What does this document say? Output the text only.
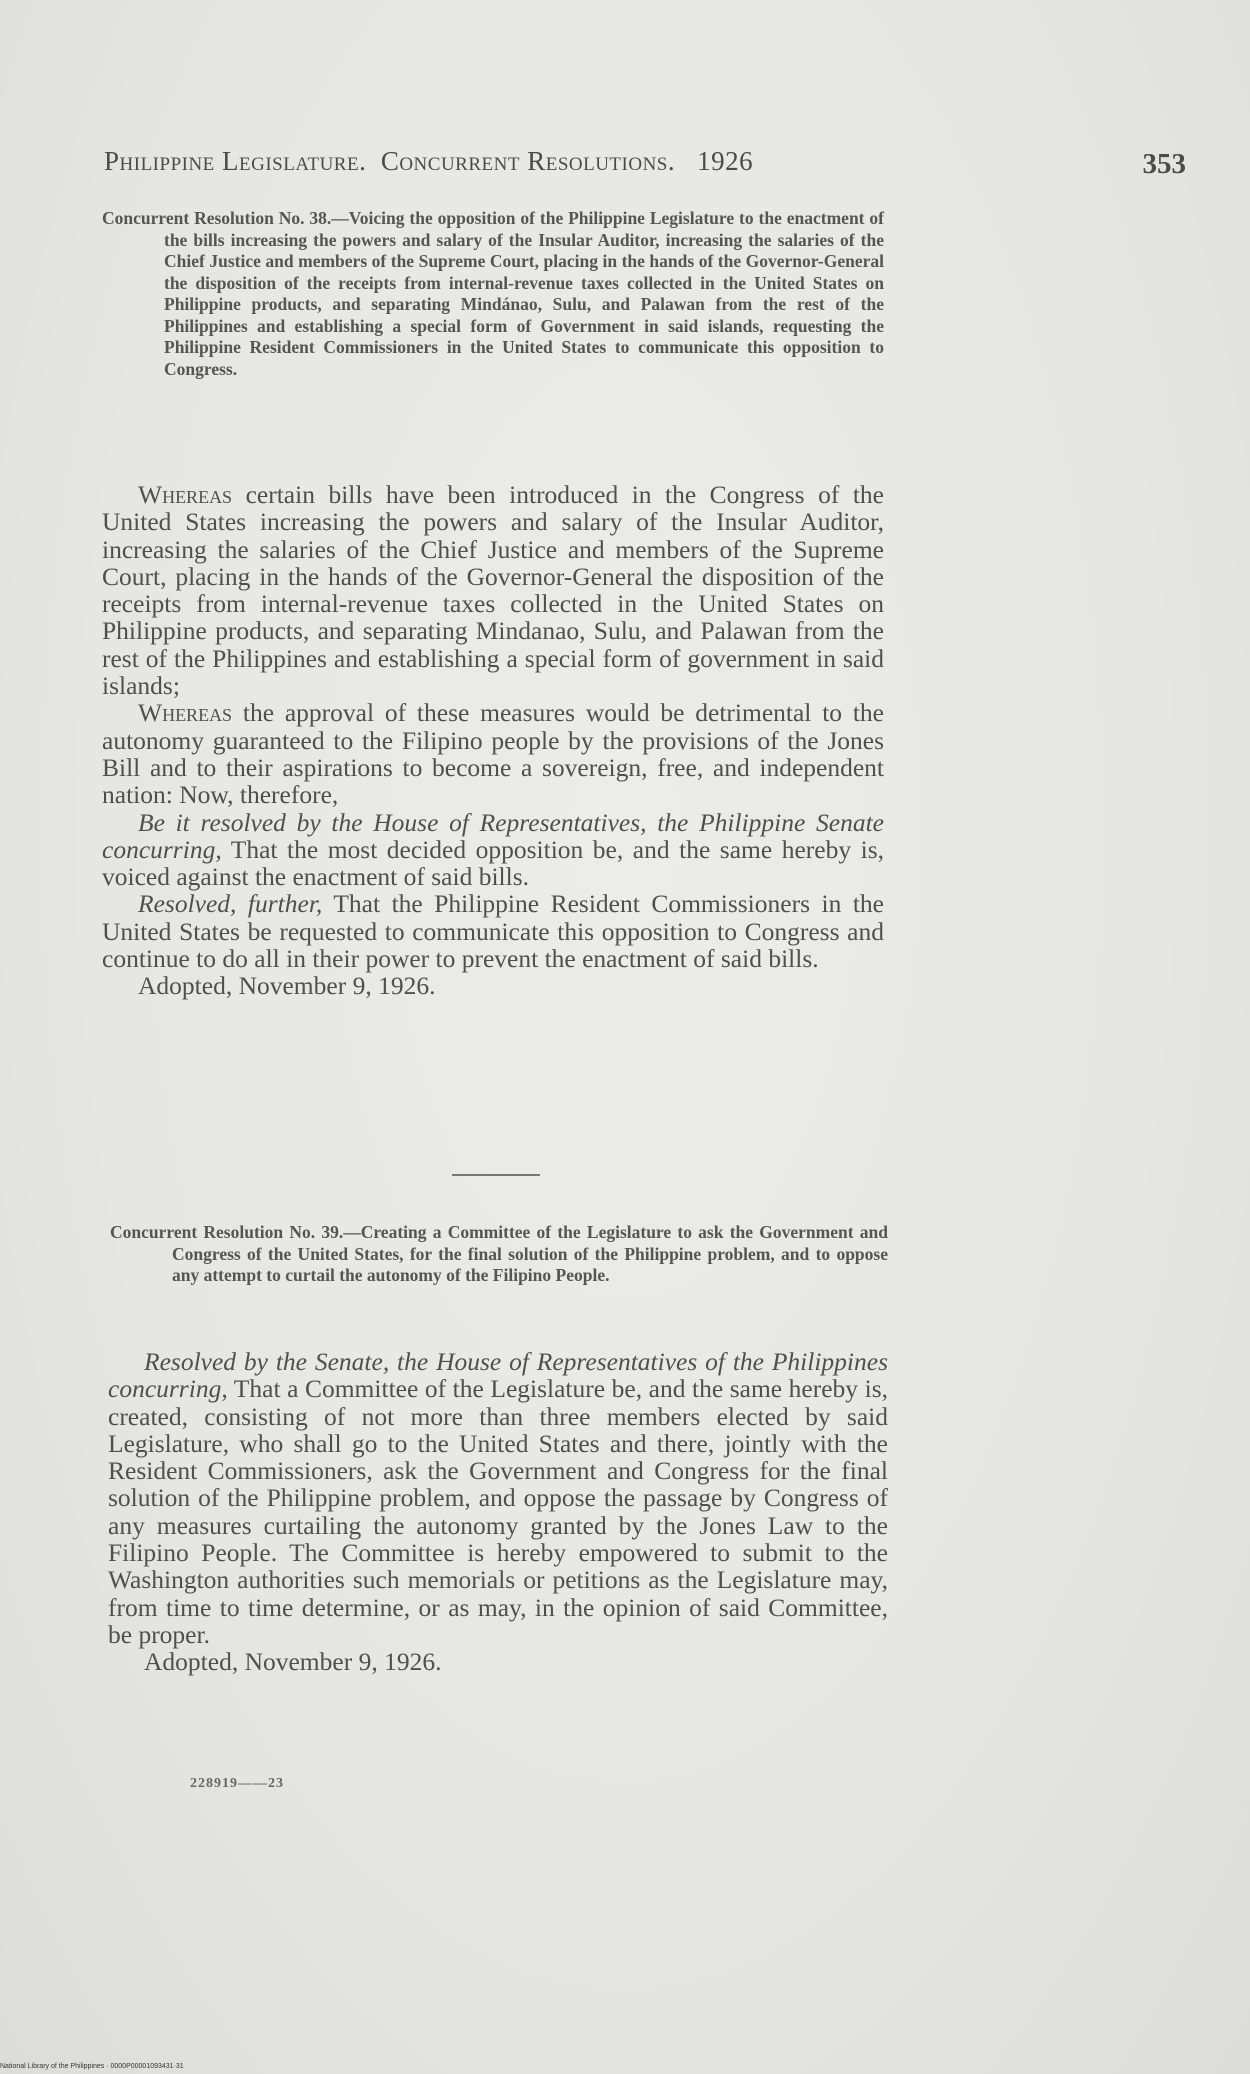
Philippine Legislature. Concurrent Resolutions. 1926	353
Concurrent Resolution No. 38.—Voicing the opposition of the Philippine Legislature to the enactment of the bills increasing the powers and salary of the Insular Auditor, increasing the salaries of the Chief Justice and members of the Supreme Court, placing in the hands of the Governor-General the disposition of the receipts from internal-revenue taxes collected in the United States on Philippine products, and separating Mindánao, Sulu, and Palawan from the rest of the Philippines and establishing a special form of Government in said islands, requesting the Philippine Resident Commissioners in the United States to communicate this opposition to Congress.

Whereas certain bills have been introduced in the Congress of the United States increasing the powers and salary of the Insular Auditor, increasing the salaries of the Chief Justice and members of the Supreme Court, placing in the hands of the Governor-General the disposition of the receipts from internal-revenue taxes collected in the United States on Philippine products, and separating Mindanao, Sulu, and Palawan from the rest of the Philippines and establishing a special form of government in said islands;

Whereas the approval of these measures would be detrimental to the autonomy guaranteed to the Filipino people by the provisions of the Jones Bill and to their aspirations to become a sovereign, free, and independent nation: Now, therefore,

Be it resolved by the House of Representatives, the Philippine Senate concurring, That the most decided opposition be, and the same hereby is, voiced against the enactment of said bills.

Resolved, further, That the Philippine Resident Commissioners in the United States be requested to communicate this opposition to Congress and continue to do all in their power to prevent the enactment of said bills.

Adopted, November 9, 1926.

Concurrent Resolution No. 39.—Creating a Committee of the Legislature to ask the Government and Congress of the United States, for the final solution of the Philippine problem, and to oppose any attempt to curtail the autonomy of the Filipino People.

Resolved by the Senate, the House of Representatives of the Philippines concurring, That a Committee of the Legislature be, and the same hereby is, created, consisting of not more than three members elected by said Legislature, who shall go to the United States and there, jointly with the Resident Commissioners, ask the Government and Congress for the final solution of the Philippine problem, and oppose the passage by Congress of any measures curtailing the autonomy granted by the Jones Law to the Filipino People. The Committee is hereby empowered to submit to the Washington authorities such memorials or petitions as the Legislature may, from time to time determine, or as may, in the opinion of said Committee, be proper.

Adopted, November 9, 1926.

228919——23
National Library of the Philippines · 0000P00001093431·31
